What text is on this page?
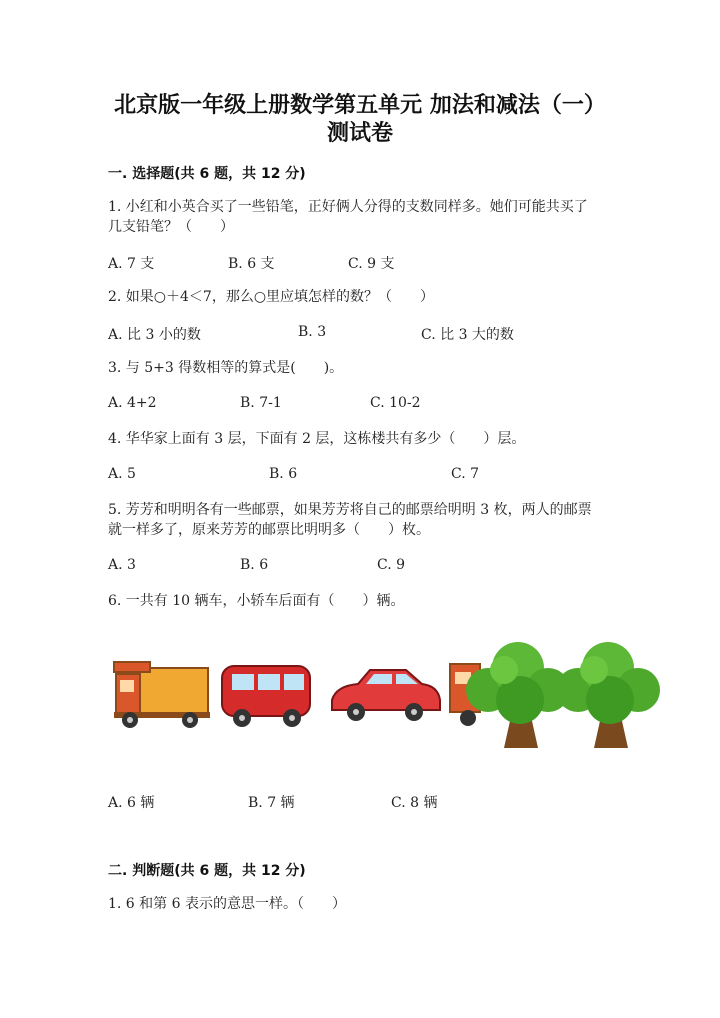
北京版一年级上册数学第五单元 加法和减法（一）
测试卷
一. 选择题(共 6 题，共 12 分)
1. 小红和小英合买了一些铅笔，正好俩人分得的支数同样多。她们可能共买了
几支铅笔？（　　）
A. 7 支	B. 6 支	C. 9 支
2. 如果○＋4＜7，那么○里应填怎样的数？（　　）
A. 比 3 小的数	B. 3	C. 比 3 大的数
3. 与 5+3 得数相等的算式是(　　)。
A. 4+2	B. 7-1	C. 10-2
4. 华华家上面有 3 层，下面有 2 层，这栋楼共有多少（　　）层。
A. 5	B. 6	C. 7
5. 芳芳和明明各有一些邮票，如果芳芳将自己的邮票给明明 3 枚，两人的邮票
就一样多了，原来芳芳的邮票比明明多（　　）枚。
A. 3	B. 6	C. 9
6. 一共有 10 辆车，小轿车后面有（　　）辆。
A. 6 辆	B. 7 辆	C. 8 辆
二. 判断题(共 6 题，共 12 分)
1. 6 和第 6 表示的意思一样。（　　）
